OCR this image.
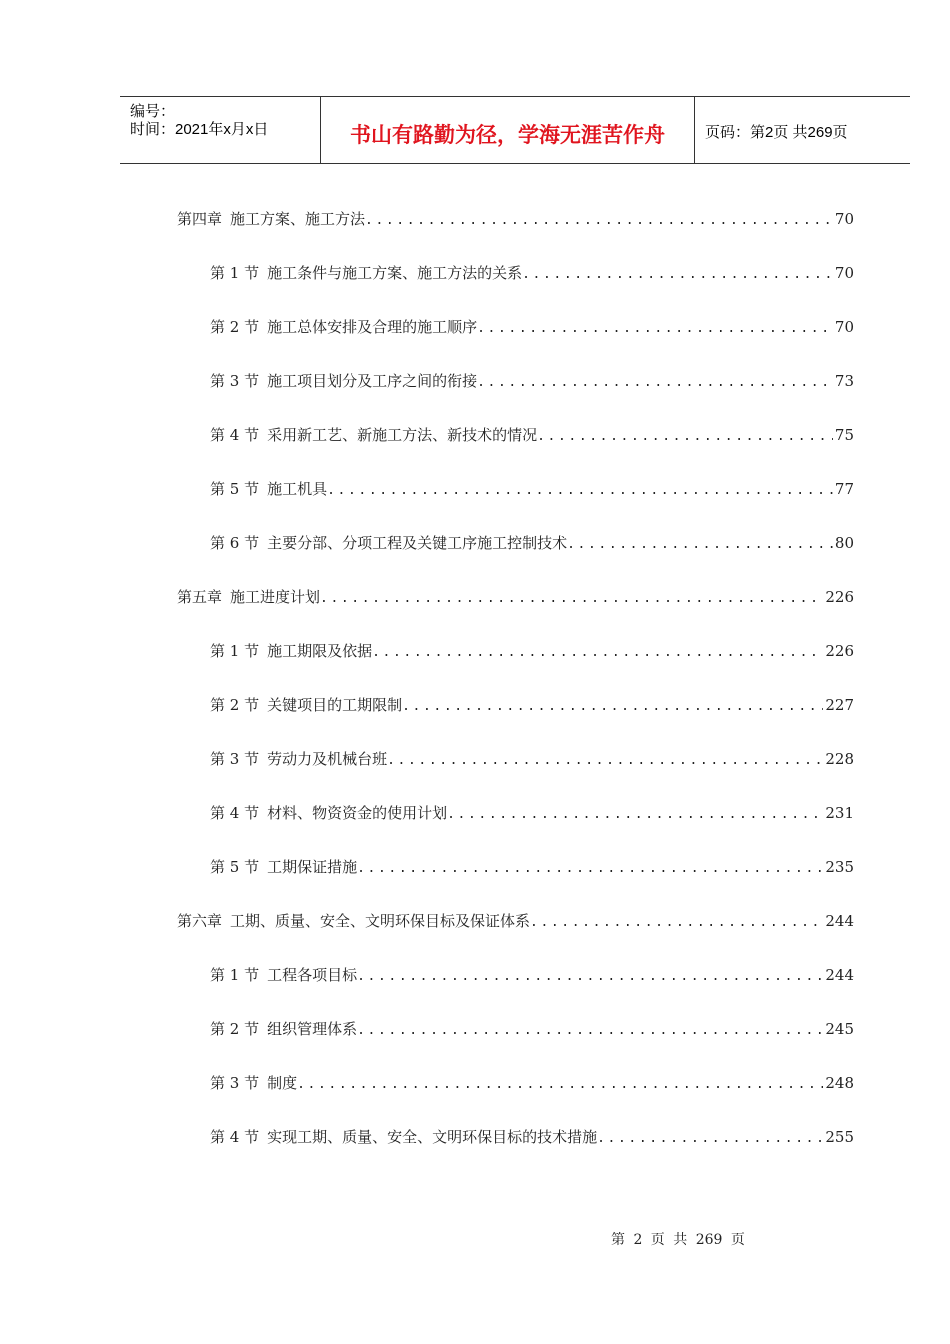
编号：
时间：2021年x月x日	书山有路勤为径，学海无涯苦作舟	页码：第2页 共269页
第四章 施工方案、施工方法 .....	70
第 1 节 施工条件与施工方案、施工方法的关系 .....	70
第 2 节 施工总体安排及合理的施工顺序 .....	70
第 3 节 施工项目划分及工序之间的衔接 .....	73
第 4 节 采用新工艺、新施工方法、新技术的情况 .....	75
第 5 节 施工机具 .....	77
第 6 节 主要分部、分项工程及关键工序施工控制技术 .....	80
第五章 施工进度计划 .....	226
第 1 节 施工期限及依据 .....	226
第 2 节 关键项目的工期限制 .....	227
第 3 节 劳动力及机械台班 .....	228
第 4 节 材料、物资资金的使用计划 .....	231
第 5 节 工期保证措施 .....	235
第六章 工期、质量、安全、文明环保目标及保证体系 .....	244
第 1 节 工程各项目标 .....	244
第 2 节 组织管理体系 .....	245
第 3 节 制度 .....	248
第 4 节 实现工期、质量、安全、文明环保目标的技术措施 .....	255
第 2 页 共 269 页
